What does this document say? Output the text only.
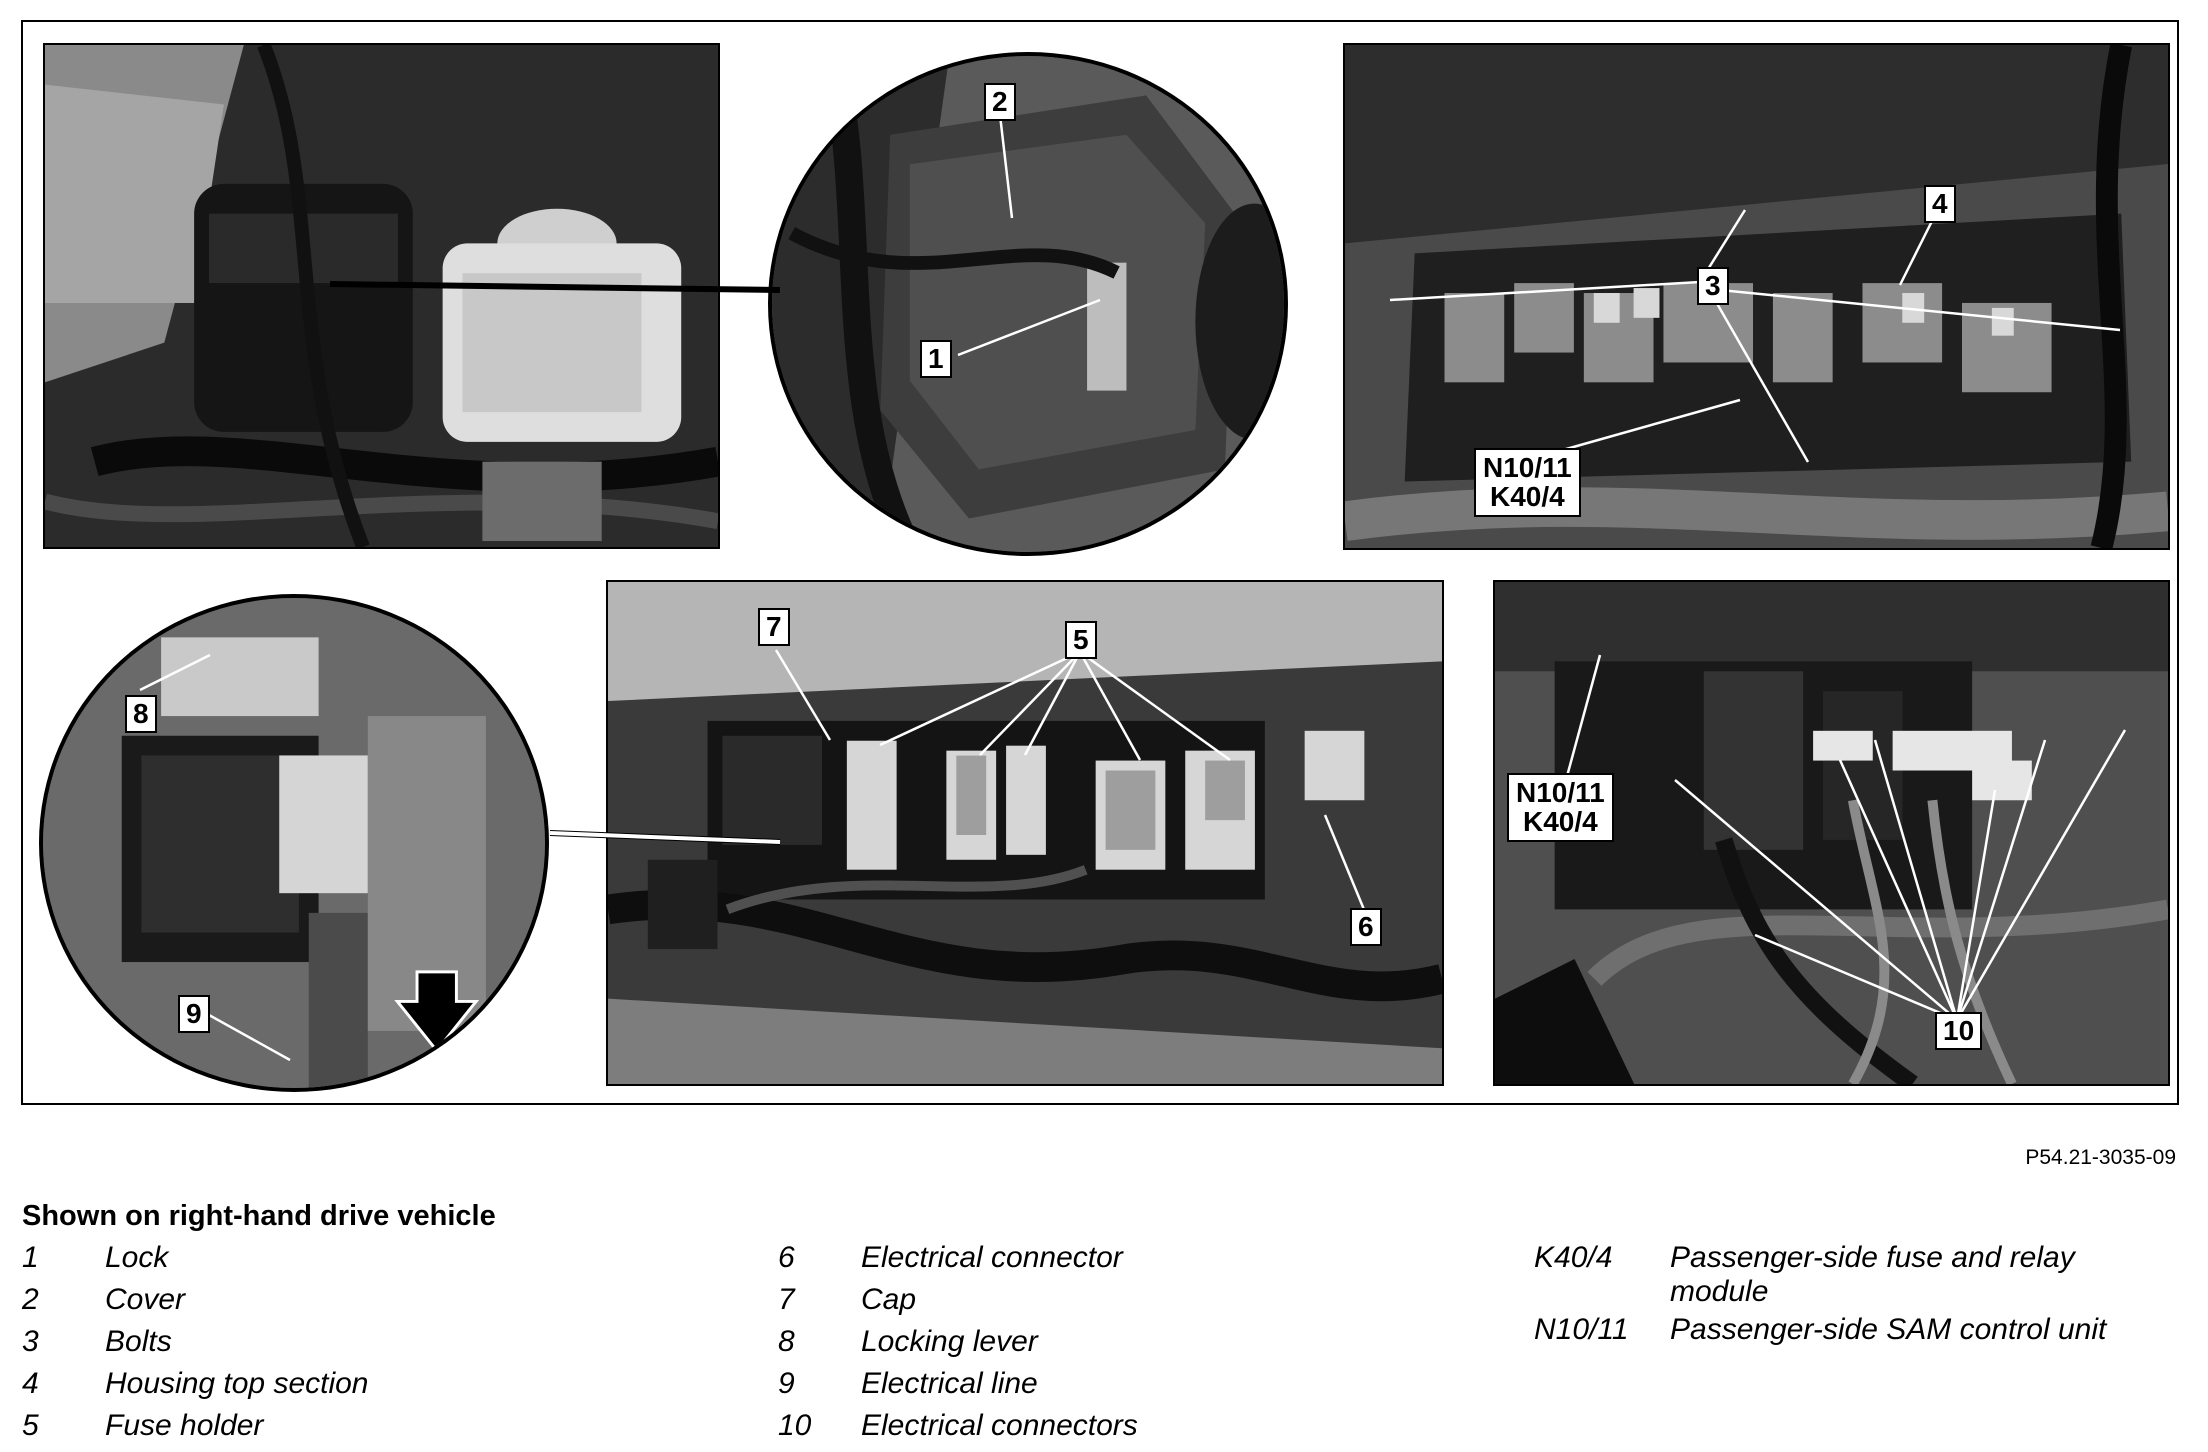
1
2
3
4
N10/11
K40/4
5
6
7
8
9
N10/11
K40/4
10
P54.21-3035-09
Shown on right-hand drive vehicle
1 Lock
2 Cover
3 Bolts
4 Housing top section
5 Fuse holder
6 Electrical connector
7 Cap
8 Locking lever
9 Electrical line
10 Electrical connectors
K40/4 Passenger-side fuse and relay
module
N10/11 Passenger-side SAM control unit
